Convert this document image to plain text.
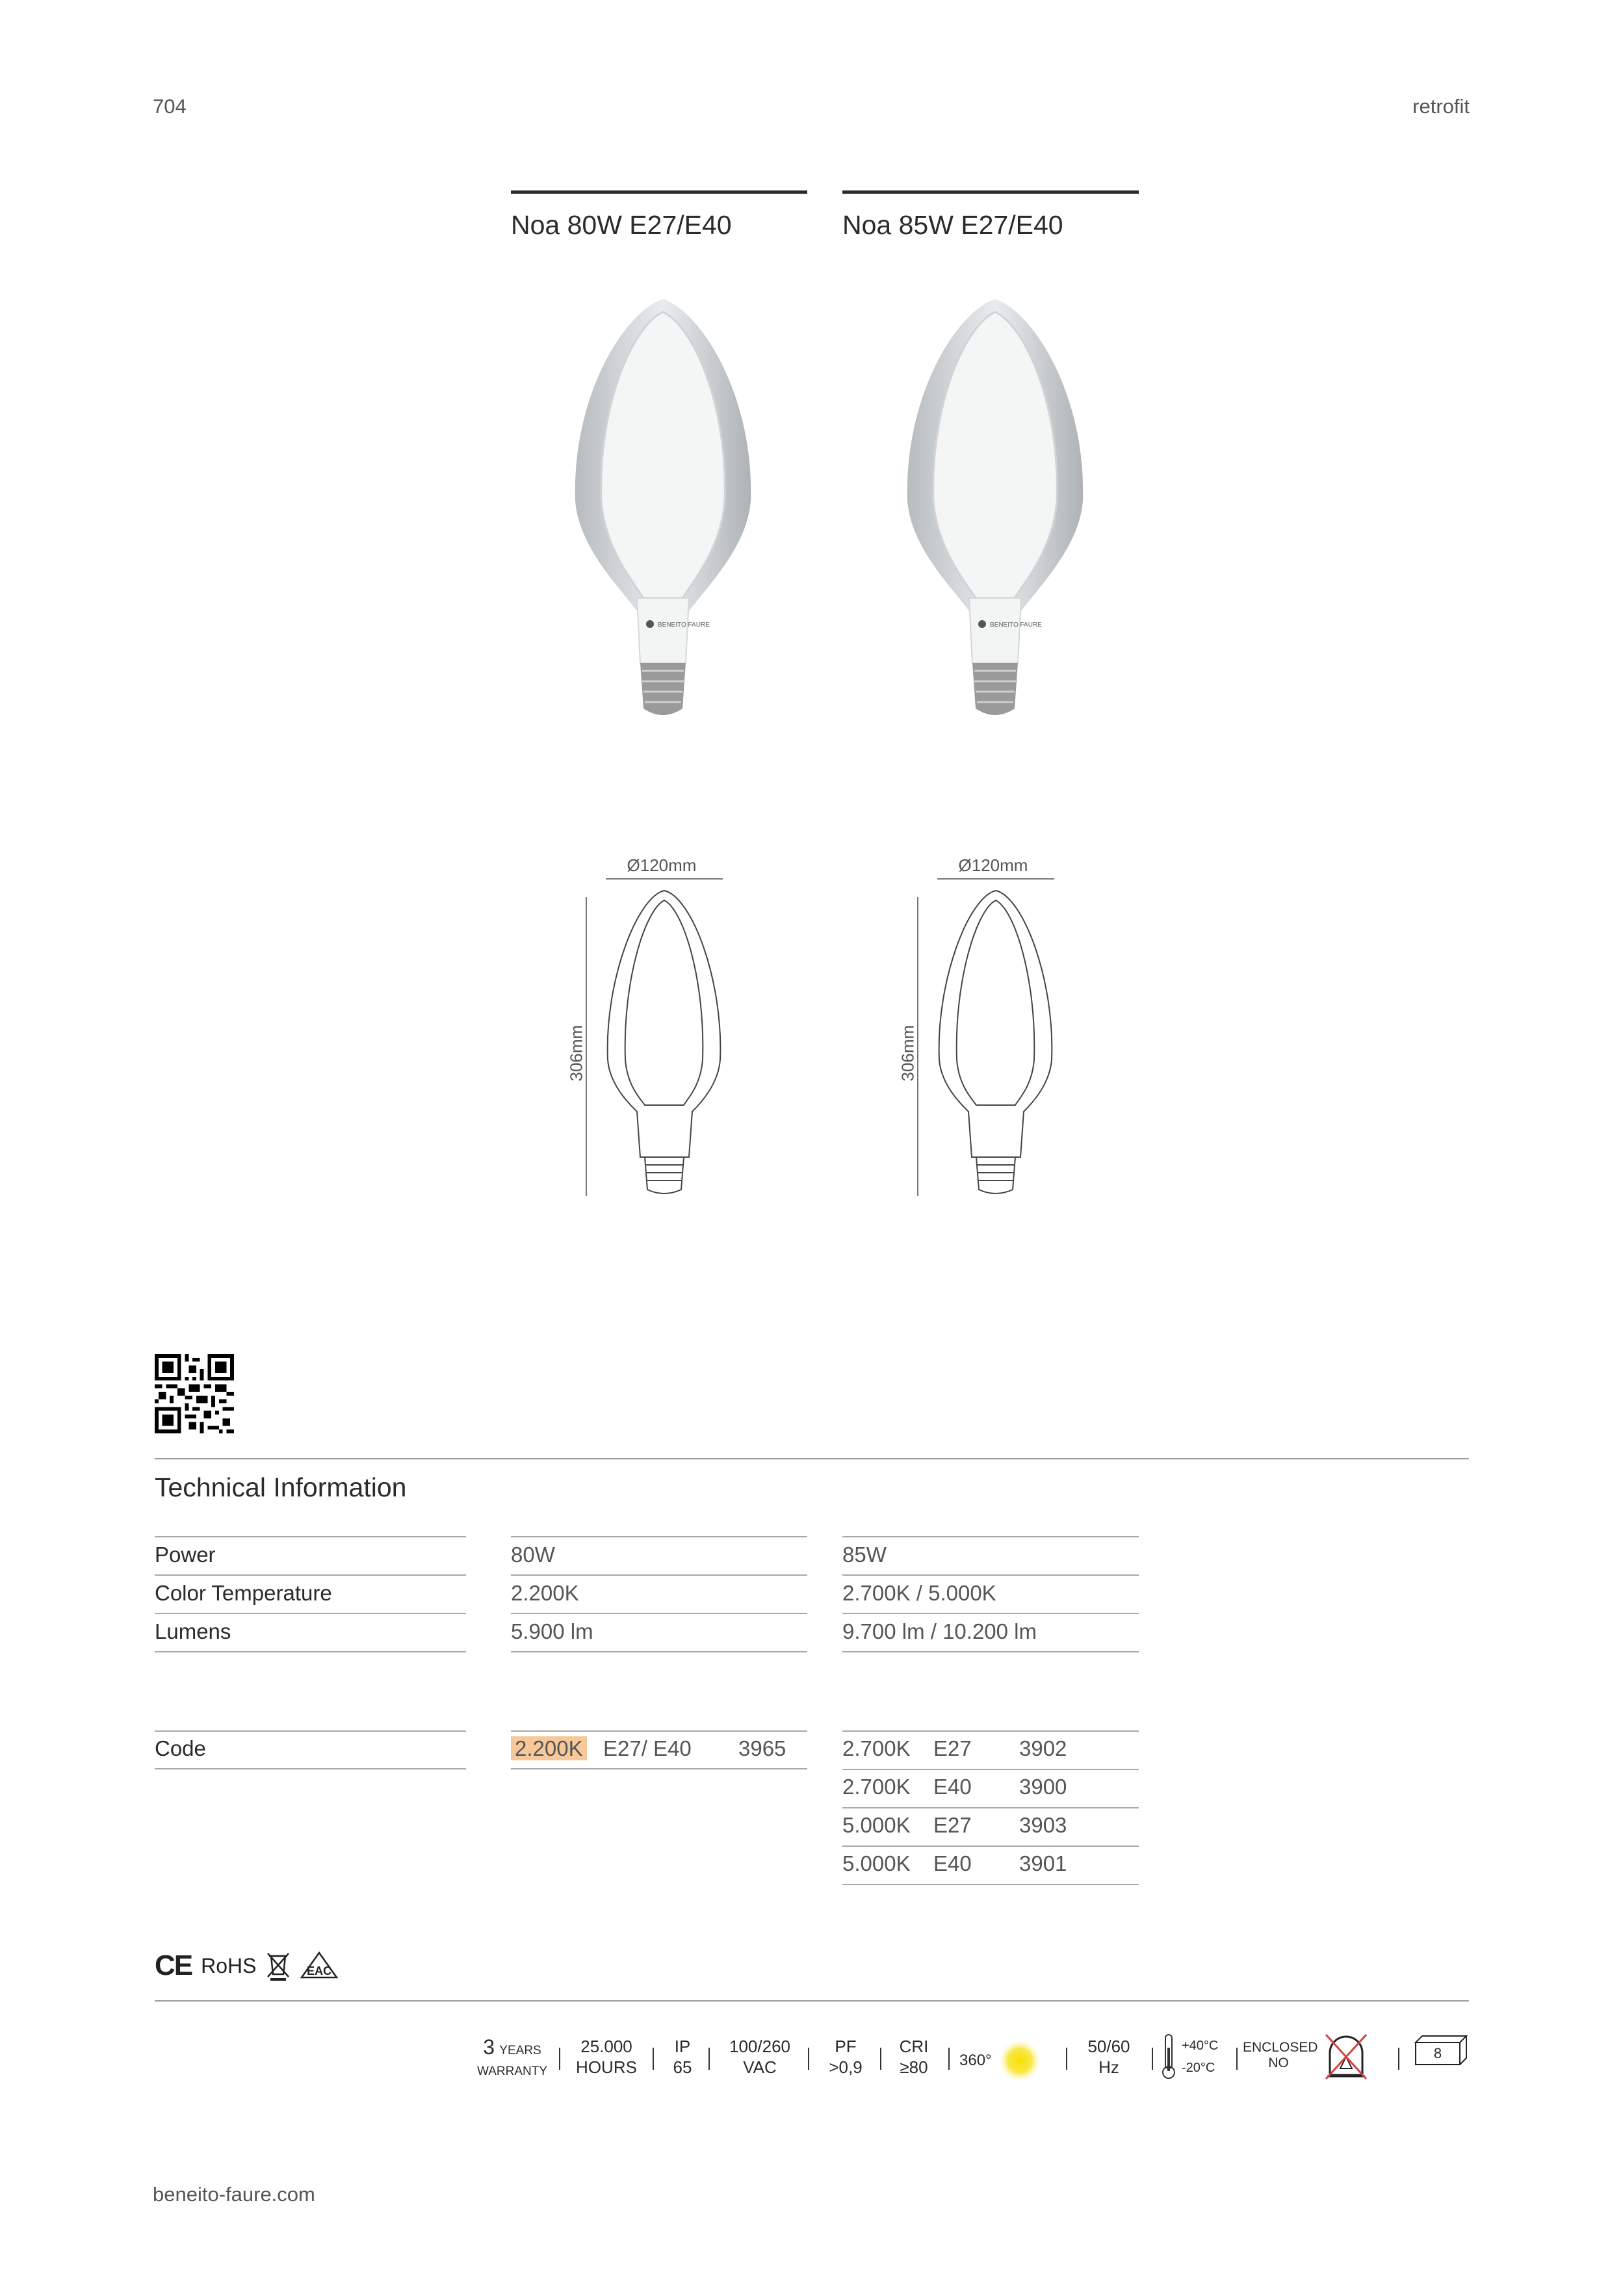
704	retrofit
Noa 80W E27/E40	Noa 85W E27/E40
BENEITO FAURE	BENEITO FAURE
Ø120mm	Ø120mm
306mm	306mm
Technical Information
Power	80W	85W
Color Temperature	2.200K	2.700K / 5.000K
Lumens	5.900 lm	9.700 lm / 10.200 lm
Code	2.200K E27/ E40 3965	2.700K E27 3902
2.700K E40 3900
5.000K E27 3903
5.000K E40 3901
CE RoHS	EAC
3 YEARS
WARRANTY
25.000
HOURS
IP
65
100/260
VAC
PF
>0,9
CRI
≥80	360°
50/60
Hz
+40°C
-20°C
ENCLOSED
NO
8
beneito-faure.com
